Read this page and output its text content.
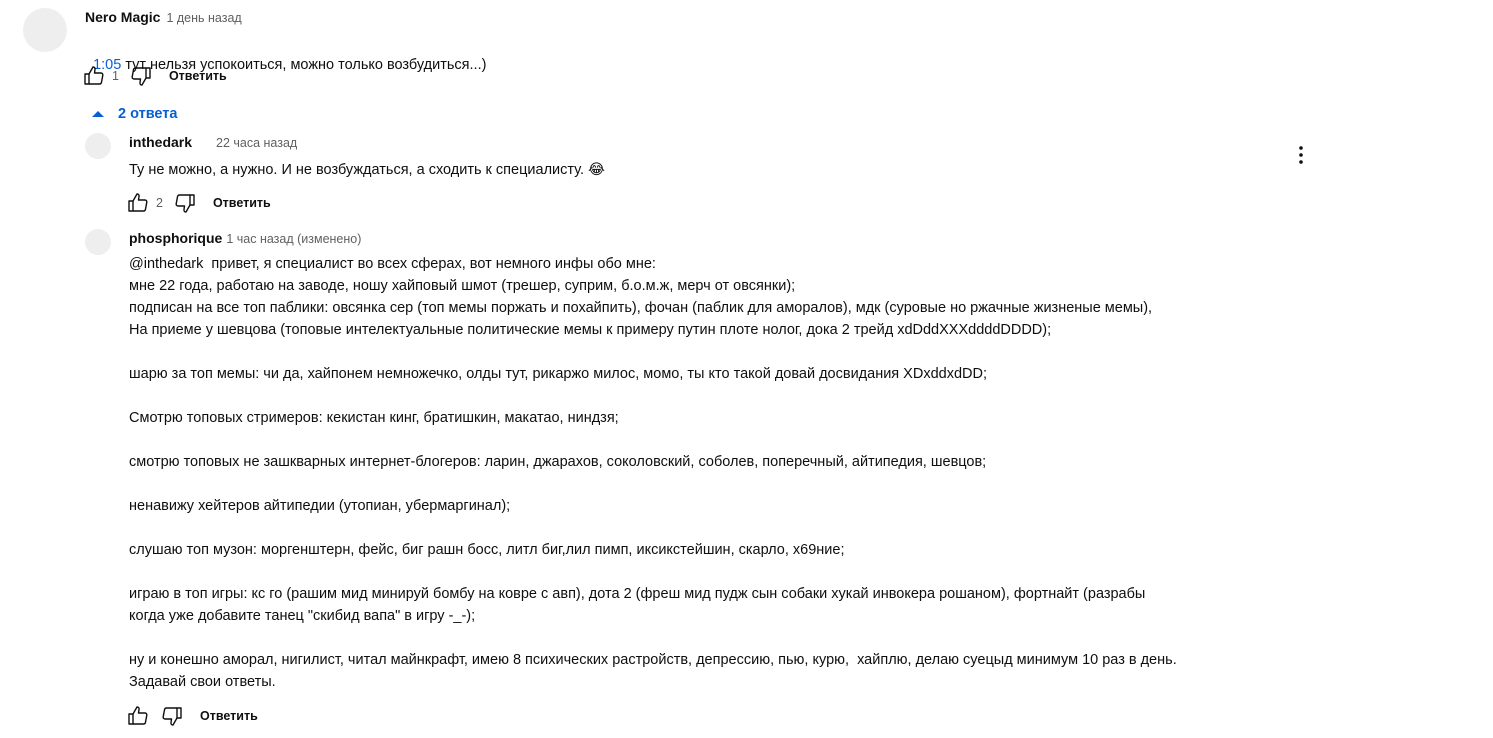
Nero Magic 1 день назад

1:05 тут нельзя успокоиться, можно только возбудиться...)

1	Ответить
2 ответа
inthedark 22 часа назад
Ту не можно, а нужно. И не возбуждаться, а сходить к специалисту. 😂
2	Ответить
phosphorique 1 час назад (изменено)
@inthedark  привет, я специалист во всех сферах, вот немного инфы обо мне:
мне 22 года, работаю на заводе, ношу хайповый шмот (трешер, суприм, б.о.м.ж, мерч от овсянки);
подписан на все топ паблики: овсянка сер (топ мемы поржать и похайпить), фочан (паблик для аморалов), мдк (суровые но ржачные жизненые мемы),
На приеме у шевцова (топовые интелектуальные политические мемы к примеру путин плоте нолог, дока 2 трейд xdDddXXXddddDDDD);
шарю за топ мемы: чи да, хайпонем немножечко, олды тут, рикаржо милос, момо, ты кто такой довай досвидания XDxddxdDD;
Смотрю топовых стримеров: кекистан кинг, братишкин, макатао, ниндзя;
смотрю топовых не зашкварных интернет-блогеров: ларин, джарахов, соколовский, соболев, поперечный, айтипедия, шевцов;
ненавижу хейтеров айтипедии (утопиан, убермаргинал);
слушаю топ музон: моргенштерн, фейс, биг рашн босс, литл биг,лил пимп, иксикстейшин, скарло, х69ние;
играю в топ игры: кс го (рашим мид минируй бомбу на ковре с авп), дота 2 (фреш мид пудж сын собаки хукай инвокера рошаном), фортнайт (разрабы
когда уже добавите танец "скибид вапа" в игру -_-);
ну и конешно аморал, нигилист, читал майнкрафт, имею 8 психических растройств, депрессию, пью, курю,  хайплю, делаю суецыд минимум 10 раз в день.
Задавай свои ответы.
Ответить
